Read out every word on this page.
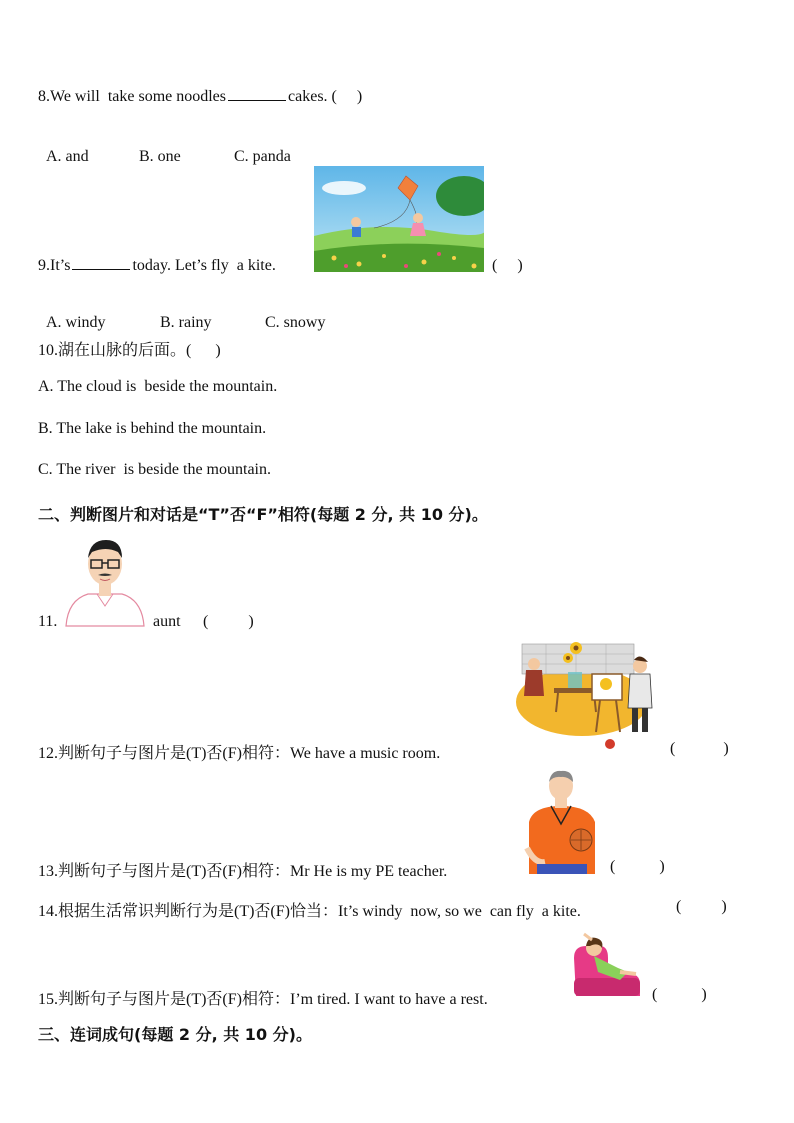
8.We will  take some noodles	cakes. ( )

A. and	B. one	C. panda

9.It’s	today. Let’s fly  a kite.	(     )

A. windy	B. rainy	C. snowy

10.湖在山脉的后面。(      )
A. The cloud is  beside the mountain.
B. The lake is behind the mountain.
C. The river  is beside the mountain.
二、判断图片和对话是“T”否“F”相符(每题 2 分, 共 10 分)。
11.	aunt (          )
12.判断句子与图片是(T)否(F)相符：We have a music room.	(            )
13.判断句子与图片是(T)否(F)相符：Mr He is my PE teacher.	(           )
14.根据生活常识判断行为是(T)否(F)恰当：It’s windy  now, so we  can fly  a kite.	(          )
15.判断句子与图片是(T)否(F)相符：I’m tired. I want to have a rest.	(           )
三、连词成句(每题 2 分, 共 10 分)。
